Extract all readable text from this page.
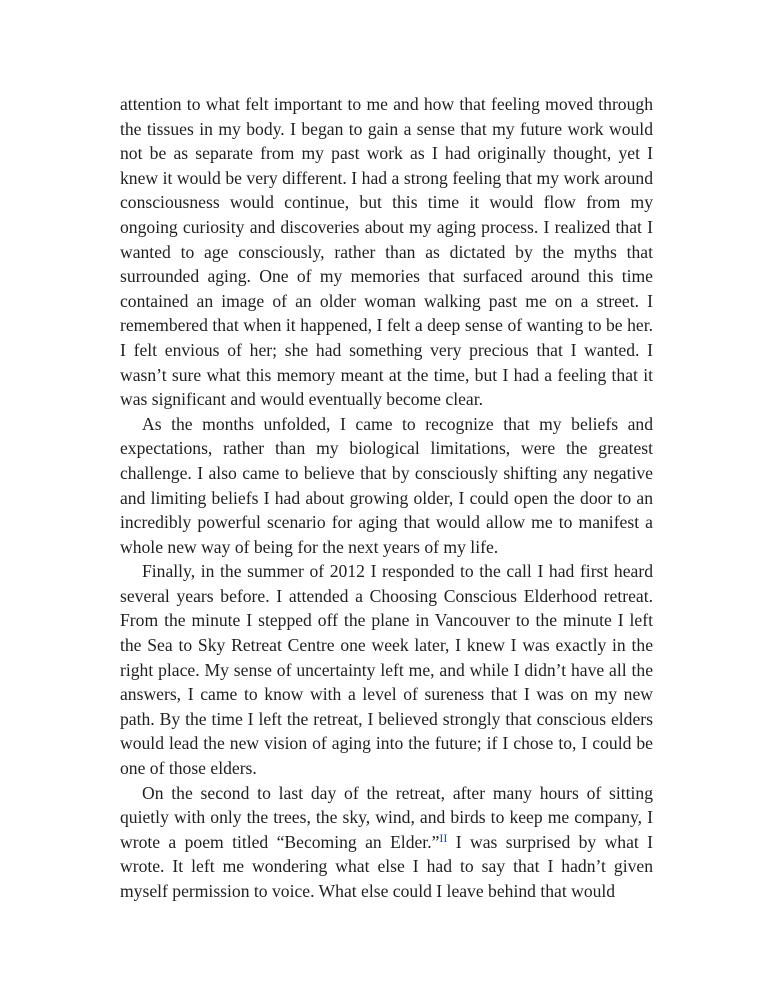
attention to what felt important to me and how that feeling moved through the tissues in my body. I began to gain a sense that my future work would not be as separate from my past work as I had originally thought, yet I knew it would be very different. I had a strong feeling that my work around consciousness would continue, but this time it would flow from my ongoing curiosity and discoveries about my aging process. I realized that I wanted to age consciously, rather than as dictated by the myths that surrounded aging. One of my memories that surfaced around this time contained an image of an older woman walking past me on a street. I remembered that when it happened, I felt a deep sense of wanting to be her. I felt envious of her; she had something very precious that I wanted. I wasn’t sure what this memory meant at the time, but I had a feeling that it was significant and would eventually become clear.

As the months unfolded, I came to recognize that my beliefs and expectations, rather than my biological limitations, were the greatest challenge. I also came to believe that by consciously shifting any negative and limiting beliefs I had about growing older, I could open the door to an incredibly powerful scenario for aging that would allow me to manifest a whole new way of being for the next years of my life.

Finally, in the summer of 2012 I responded to the call I had first heard several years before. I attended a Choosing Conscious Elderhood retreat. From the minute I stepped off the plane in Vancouver to the minute I left the Sea to Sky Retreat Centre one week later, I knew I was exactly in the right place. My sense of uncertainty left me, and while I didn’t have all the answers, I came to know with a level of sureness that I was on my new path. By the time I left the retreat, I believed strongly that conscious elders would lead the new vision of aging into the future; if I chose to, I could be one of those elders.

On the second to last day of the retreat, after many hours of sitting quietly with only the trees, the sky, wind, and birds to keep me company, I wrote a poem titled “Becoming an Elder.”$^{II}$ I was surprised by what I wrote. It left me wondering what else I had to say that I hadn’t given myself permission to voice. What else could I leave behind that would
